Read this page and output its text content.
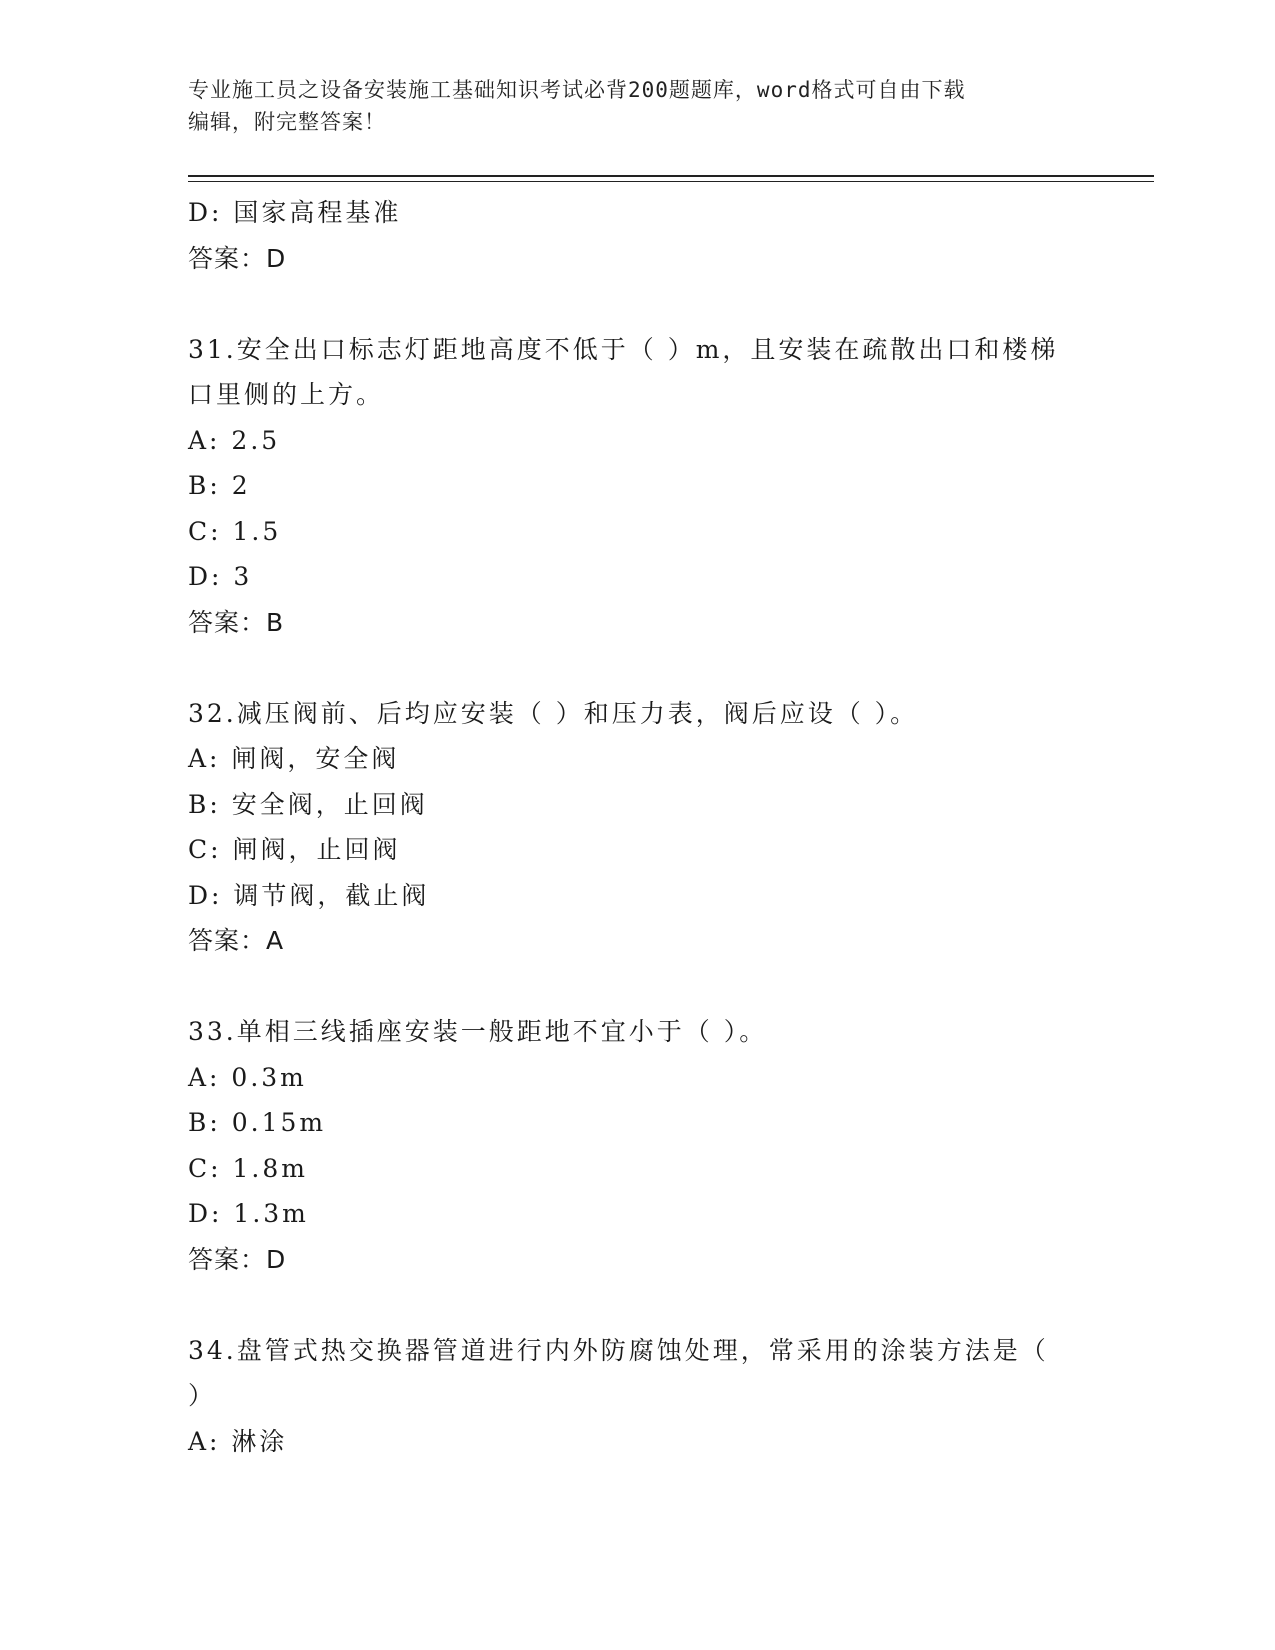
专业施工员之设备安装施工基础知识考试必背200题题库，word格式可自由下载
编辑，附完整答案！
D: 国家高程基准
答案：D
31.安全出口标志灯距地高度不低于（ ）m，且安装在疏散出口和楼梯
口里侧的上方。
A: 2.5
B: 2
C: 1.5
D: 3
答案：B
32.减压阀前、后均应安装（ ）和压力表，阀后应设（ ）。
A: 闸阀，安全阀
B: 安全阀，止回阀
C: 闸阀，止回阀
D: 调节阀，截止阀
答案：A
33.单相三线插座安装一般距地不宜小于（ ）。
A: 0.3m
B: 0.15m
C: 1.8m
D: 1.3m
答案：D
34.盘管式热交换器管道进行内外防腐蚀处理，常采用的涂装方法是（
）
A: 淋涂
